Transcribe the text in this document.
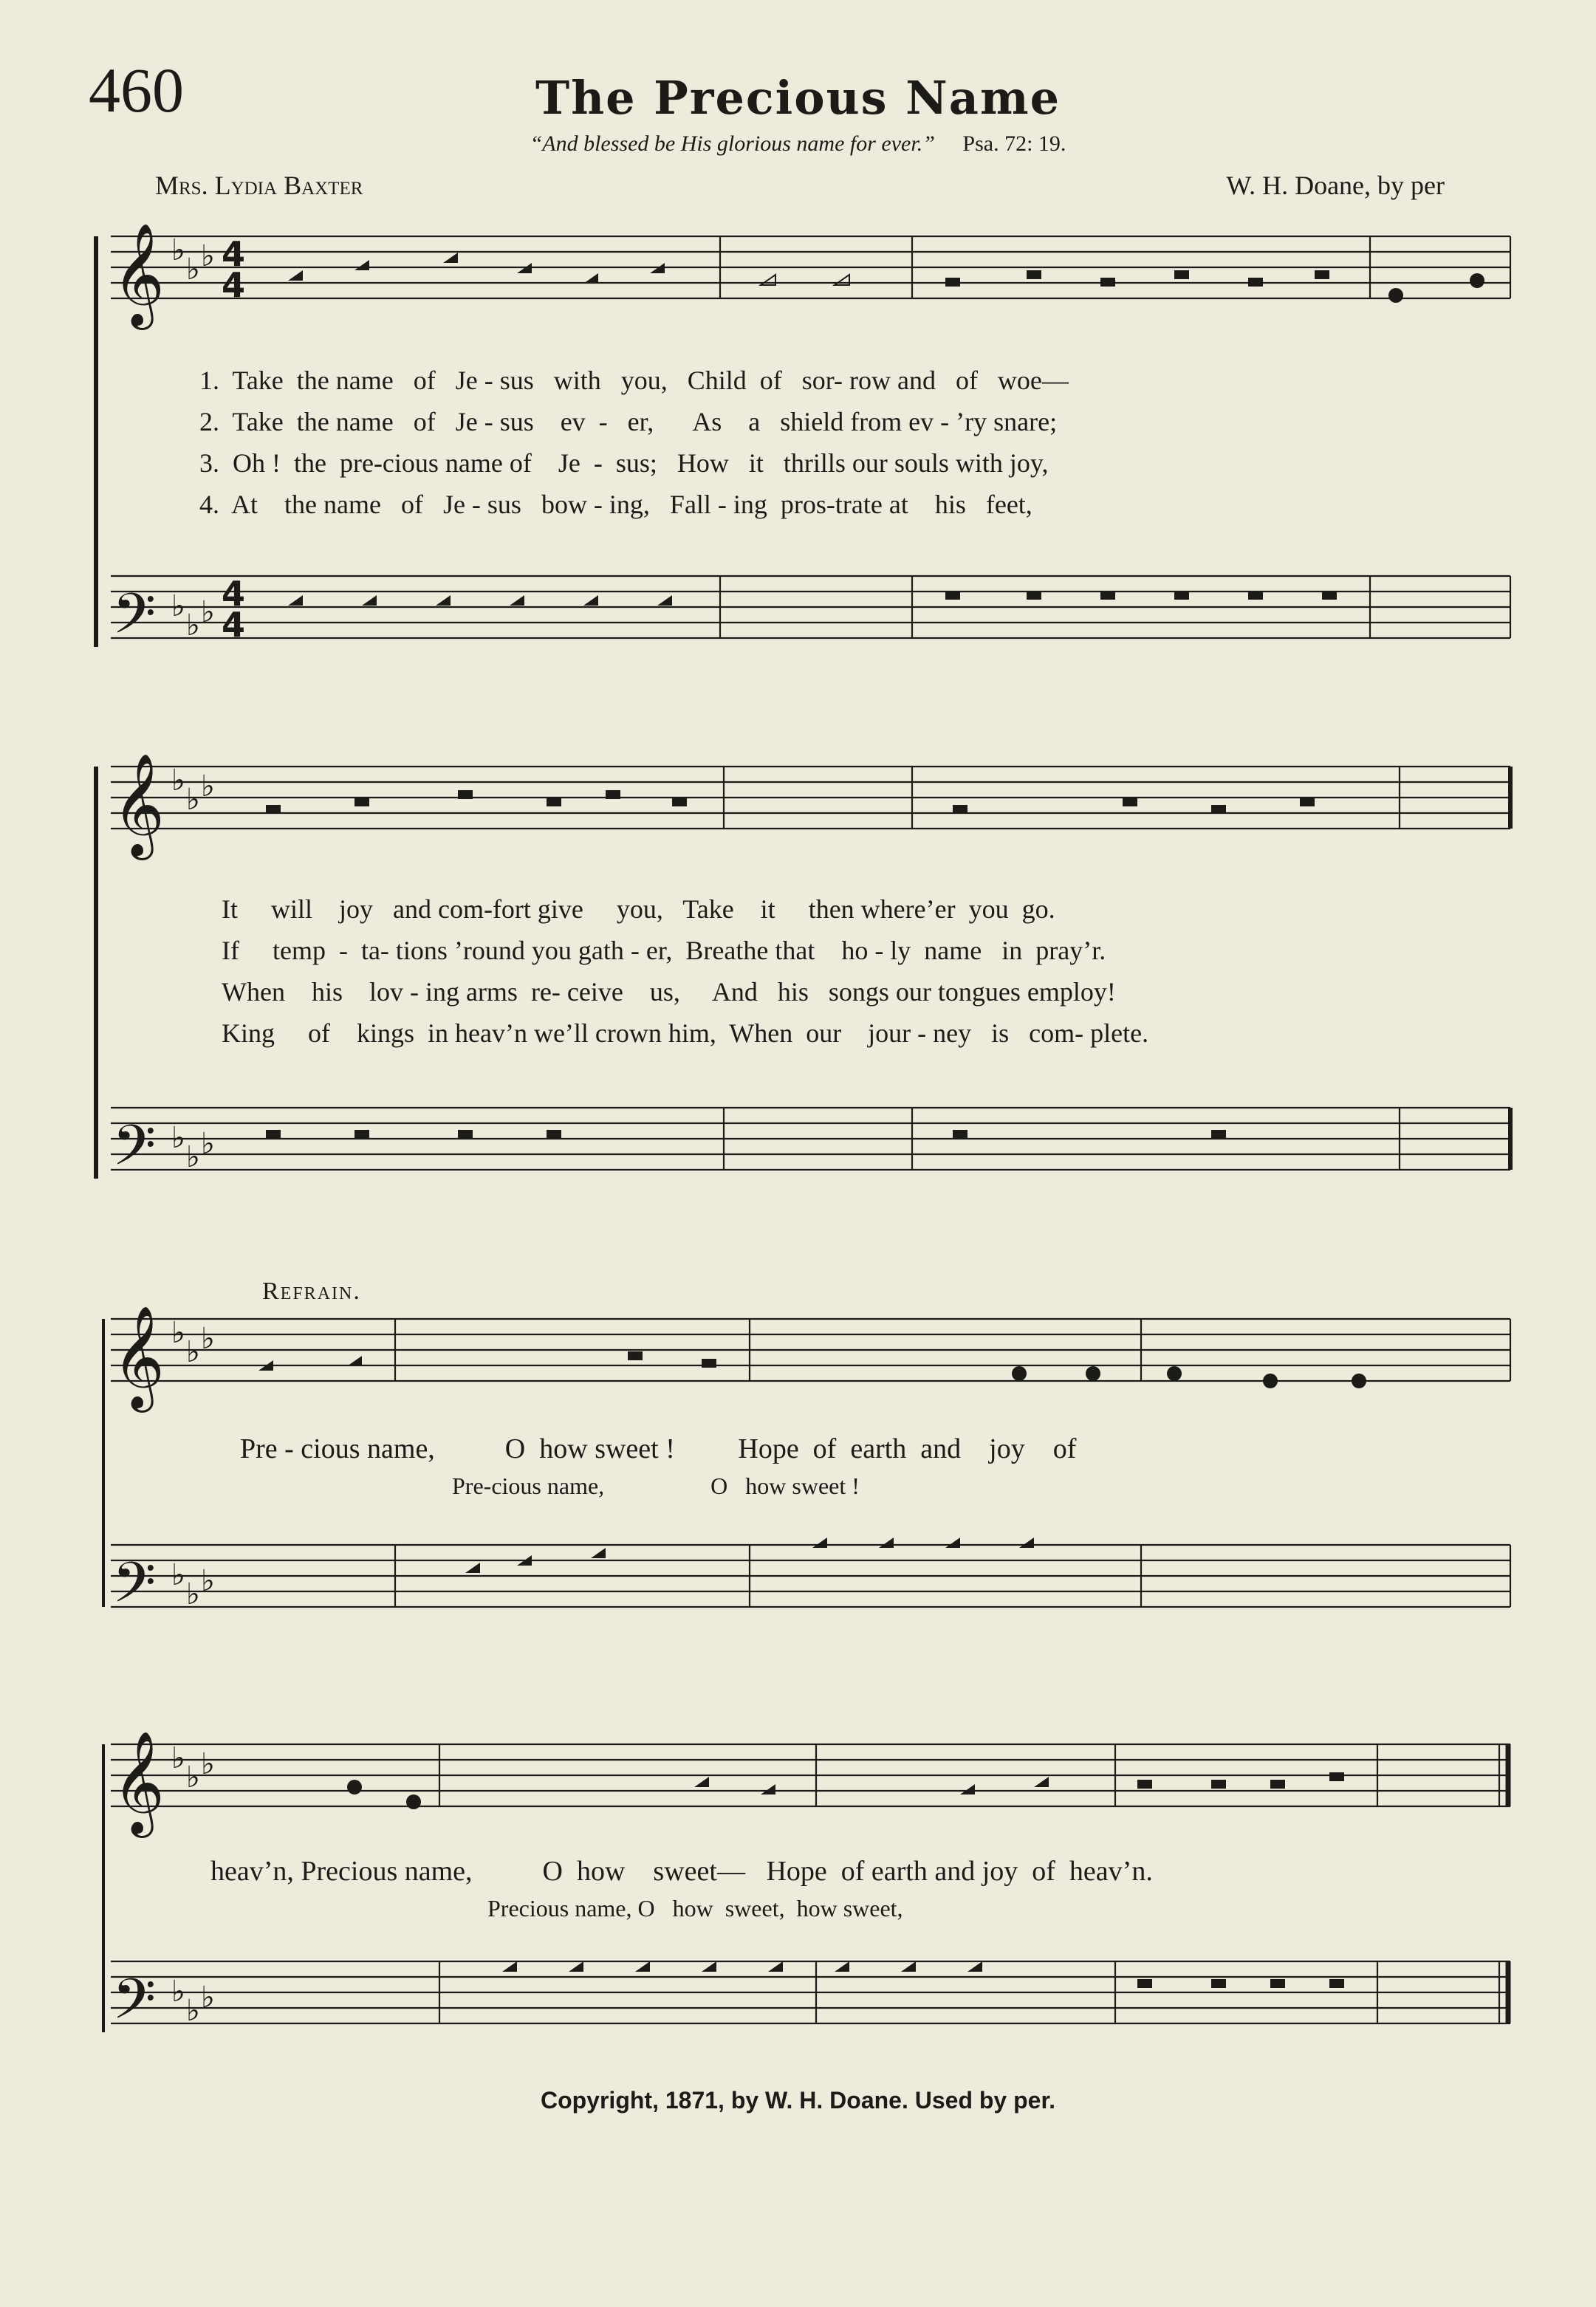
460	The Precious Name
“And blessed be His glorious name for ever.” Psa. 72: 19.
Mrs. Lydia Baxter	W. H. Doane, by per
𝄞
𝄢
𝄞
𝄢
𝄞
𝄢
𝄞
𝄢
♭
♭ ♭
♭
♭ ♭
♭
♭ ♭
♭
♭ ♭
♭
♭ ♭
♭
♭ ♭
♭
♭ ♭
♭
♭ ♭
4
4
4
4
1.  Take  the name   of   Je - sus   with   you,   Child  of   sor- row and   of   woe—
2.  Take  the name   of   Je - sus    ev  -   er,      As    a   shield from ev - ’ry snare;
3.  Oh !  the  pre-cious name of    Je  -  sus;   How   it   thrills our souls with joy,
4.  At    the name   of   Je - sus   bow - ing,   Fall - ing  pros-trate at    his   feet,
It     will    joy   and com-fort give     you,   Take    it     then where’er  you  go.
If     temp  -  ta- tions ’round you gath - er,  Breathe that    ho - ly  name   in  pray’r.
When    his    lov - ing arms  re- ceive    us,     And   his   songs our tongues employ!
King     of    kings  in heav’n we’ll crown him,  When  our    jour - ney   is   com- plete.
Refrain.
Pre - cious name,          O  how sweet !         Hope  of  earth  and    joy    of
Pre-cious name,                  O   how sweet !
heav’n, Precious name,          O  how    sweet—   Hope  of earth and joy  of  heav’n.
Precious name, O   how  sweet,  how sweet,
Copyright, 1871, by W. H. Doane. Used by per.
